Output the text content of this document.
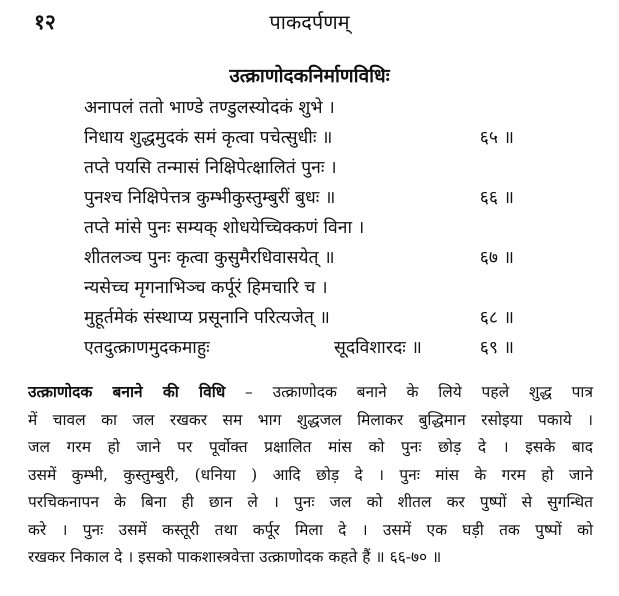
१२	पाकदर्पणम्
उत्क्राणोदकनिर्माणविधिः
अनापलं ततो भाण्डे तण्डुलस्योदकं शुभे ।
निधाय शुद्धमुदकं समं कृत्वा पचेत्सुधीः ॥	६५ ॥
तप्ते पयसि तन्मासं निक्षिपेत्क्षालितं पुनः ।
पुनश्च निक्षिपेत्तत्र कुम्भीकुस्तुम्बुरीं बुधः ॥	६६ ॥
तप्ते मांसे पुनः सम्यक् शोधयेच्चिक्कणं विना ।
शीतलञ्च पुनः कृत्वा कुसुमैरधिवासयेत् ॥	६७ ॥
न्यसेच्च मृगनाभिञ्च कर्पूरं हिमचारि च ।
मुहूर्तमेकं संस्थाप्य प्रसूनानि परित्यजेत् ॥	६८ ॥
एतदुत्क्राणमुदकमाहुः	सूदविशारदः ॥	६९ ॥
उत्क्राणोदक बनाने की विधि – उत्क्राणोदक बनाने के लिये पहले शुद्ध पात्र
में चावल का जल रखकर सम भाग शुद्धजल मिलाकर बुद्धिमान रसोइया पकाये ।
जल गरम हो जाने पर पूर्वोक्त प्रक्षालित मांस को पुनः छोड़ दे । इसके बाद
उसमें कुम्भी, कुस्तुम्बुरी, (धनिया ) आदि छोड़ दे । पुनः मांस के गरम हो जाने
परचिकनापन के बिना ही छान ले । पुनः जल को शीतल कर पुष्पों से सुगन्धित
करे । पुनः उसमें कस्तूरी तथा कर्पूर मिला दे । उसमें एक घड़ी तक पुष्पों को
रखकर निकाल दे । इसको पाकशास्त्रवेत्ता उत्क्राणोदक कहते हैं ॥ ६६-७० ॥
